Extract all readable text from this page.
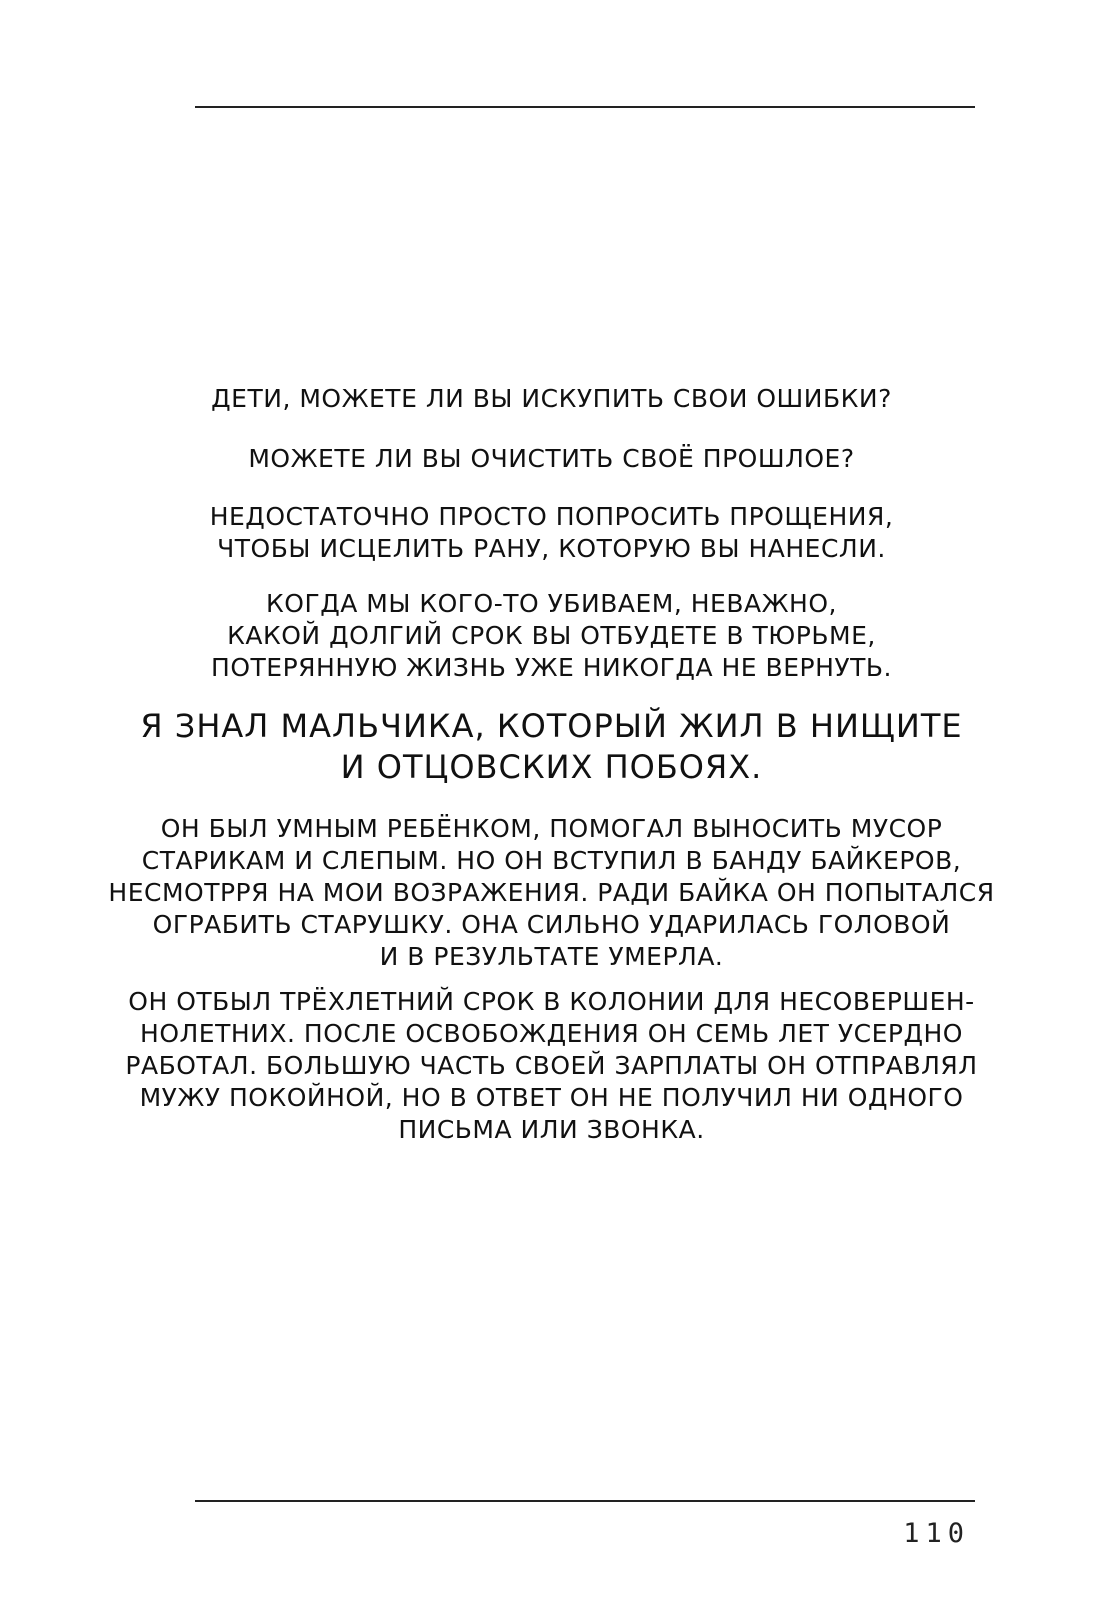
ДЕТИ, МОЖЕТЕ ЛИ ВЫ ИСКУПИТЬ СВОИ ОШИБКИ?

МОЖЕТЕ ЛИ ВЫ ОЧИСТИТЬ СВОЁ ПРОШЛОЕ?

НЕДОСТАТОЧНО ПРОСТО ПОПРОСИТЬ ПРОЩЕНИЯ,
ЧТОБЫ ИСЦЕЛИТЬ РАНУ, КОТОРУЮ ВЫ НАНЕСЛИ.

КОГДА МЫ КОГО-ТО УБИВАЕМ, НЕВАЖНО,
КАКОЙ ДОЛГИЙ СРОК ВЫ ОТБУДЕТЕ В ТЮРЬМЕ,
ПОТЕРЯННУЮ ЖИЗНЬ УЖЕ НИКОГДА НЕ ВЕРНУТЬ.

Я ЗНАЛ МАЛЬЧИКА, КОТОРЫЙ ЖИЛ В НИЩИТЕ
И ОТЦОВСКИХ ПОБОЯХ.

ОН БЫЛ УМНЫМ РЕБЁНКОМ, ПОМОГАЛ ВЫНОСИТЬ МУСОР
СТАРИКАМ И СЛЕПЫМ. НО ОН ВСТУПИЛ В БАНДУ БАЙКЕРОВ,
НЕСМОТРРЯ НА МОИ ВОЗРАЖЕНИЯ. РАДИ БАЙКА ОН ПОПЫТАЛСЯ
ОГРАБИТЬ СТАРУШКУ. ОНА СИЛЬНО УДАРИЛАСЬ ГОЛОВОЙ
И В РЕЗУЛЬТАТЕ УМЕРЛА.

ОН ОТБЫЛ ТРЁХЛЕТНИЙ СРОК В КОЛОНИИ ДЛЯ НЕСОВЕРШЕН-
НОЛЕТНИХ. ПОСЛЕ ОСВОБОЖДЕНИЯ ОН СЕМЬ ЛЕТ УСЕРДНО
РАБОТАЛ. БОЛЬШУЮ ЧАСТЬ СВОЕЙ ЗАРПЛАТЫ ОН ОТПРАВЛЯЛ
МУЖУ ПОКОЙНОЙ, НО В ОТВЕТ ОН НЕ ПОЛУЧИЛ НИ ОДНОГО
ПИСЬМА ИЛИ ЗВОНКА.

110
